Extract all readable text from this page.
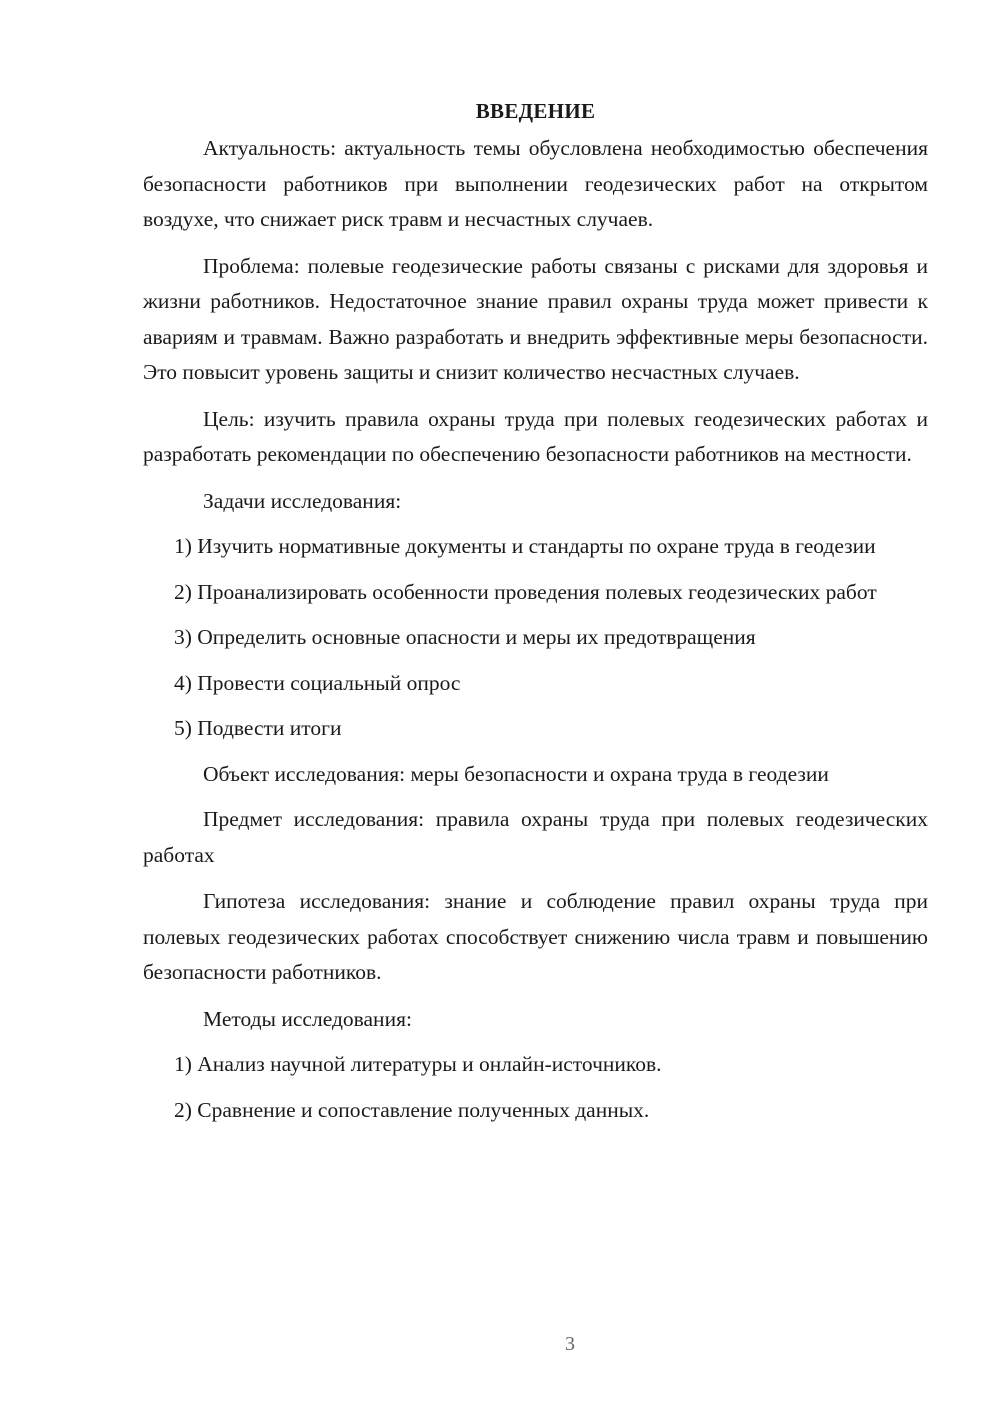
ВВЕДЕНИЕ

Актуальность: актуальность темы обусловлена необходимостью обеспечения безопасности работников при выполнении геодезических работ на открытом воздухе, что снижает риск травм и несчастных случаев.

Проблема: полевые геодезические работы связаны с рисками для здоровья и жизни работников. Недостаточное знание правил охраны труда может привести к авариям и травмам. Важно разработать и внедрить эффективные меры безопасности. Это повысит уровень защиты и снизит количество несчастных случаев.

Цель: изучить правила охраны труда при полевых геодезических работах и разработать рекомендации по обеспечению безопасности работников на местности.

Задачи исследования:

1) Изучить нормативные документы и стандарты по охране труда в геодезии

2) Проанализировать особенности проведения полевых геодезических работ

3) Определить основные опасности и меры их предотвращения

4) Провести социальный опрос

5) Подвести итоги

Объект исследования: меры безопасности и охрана труда в геодезии

Предмет исследования: правила охраны труда при полевых геодезических работах

Гипотеза исследования: знание и соблюдение правил охраны труда при полевых геодезических работах способствует снижению числа травм и повышению безопасности работников.

Методы исследования:

1) Анализ научной литературы и онлайн-источников.

2) Сравнение и сопоставление полученных данных.

3
